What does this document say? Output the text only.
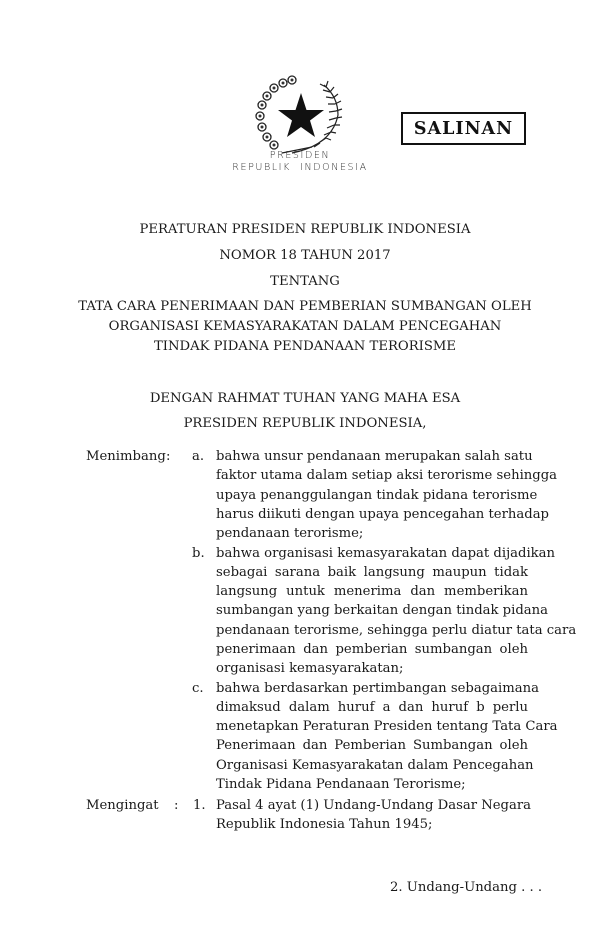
SALINAN
PRESIDEN
REPUBLIK  INDONESIA
PERATURAN PRESIDEN REPUBLIK INDONESIA
NOMOR 18 TAHUN 2017
TENTANG
TATA CARA PENERIMAAN DAN PEMBERIAN SUMBANGAN OLEH
ORGANISASI KEMASYARAKATAN DALAM PENCEGAHAN
TINDAK PIDANA PENDANAAN TERORISME
DENGAN RAHMAT TUHAN YANG MAHA ESA
PRESIDEN REPUBLIK INDONESIA,
Menimbang : a. bahwa unsur pendanaan merupakan salah satu
faktor utama dalam setiap aksi terorisme sehingga
upaya penanggulangan tindak pidana terorisme
harus diikuti dengan upaya pencegahan terhadap
pendanaan terorisme;
b. bahwa organisasi kemasyarakatan dapat dijadikan
sebagai sarana baik langsung maupun tidak
langsung untuk menerima dan memberikan
sumbangan yang berkaitan dengan tindak pidana
pendanaan terorisme, sehingga perlu diatur tata cara
penerimaan dan pemberian sumbangan oleh
organisasi kemasyarakatan;
c. bahwa berdasarkan pertimbangan sebagaimana
dimaksud dalam huruf a dan huruf b perlu
menetapkan Peraturan Presiden tentang Tata Cara
Penerimaan dan Pemberian Sumbangan oleh
Organisasi Kemasyarakatan dalam Pencegahan
Tindak Pidana Pendanaan Terorisme;
Mengingat : 1. Pasal 4 ayat (1) Undang-Undang Dasar Negara
Republik Indonesia Tahun 1945;
2. Undang-Undang . . .
